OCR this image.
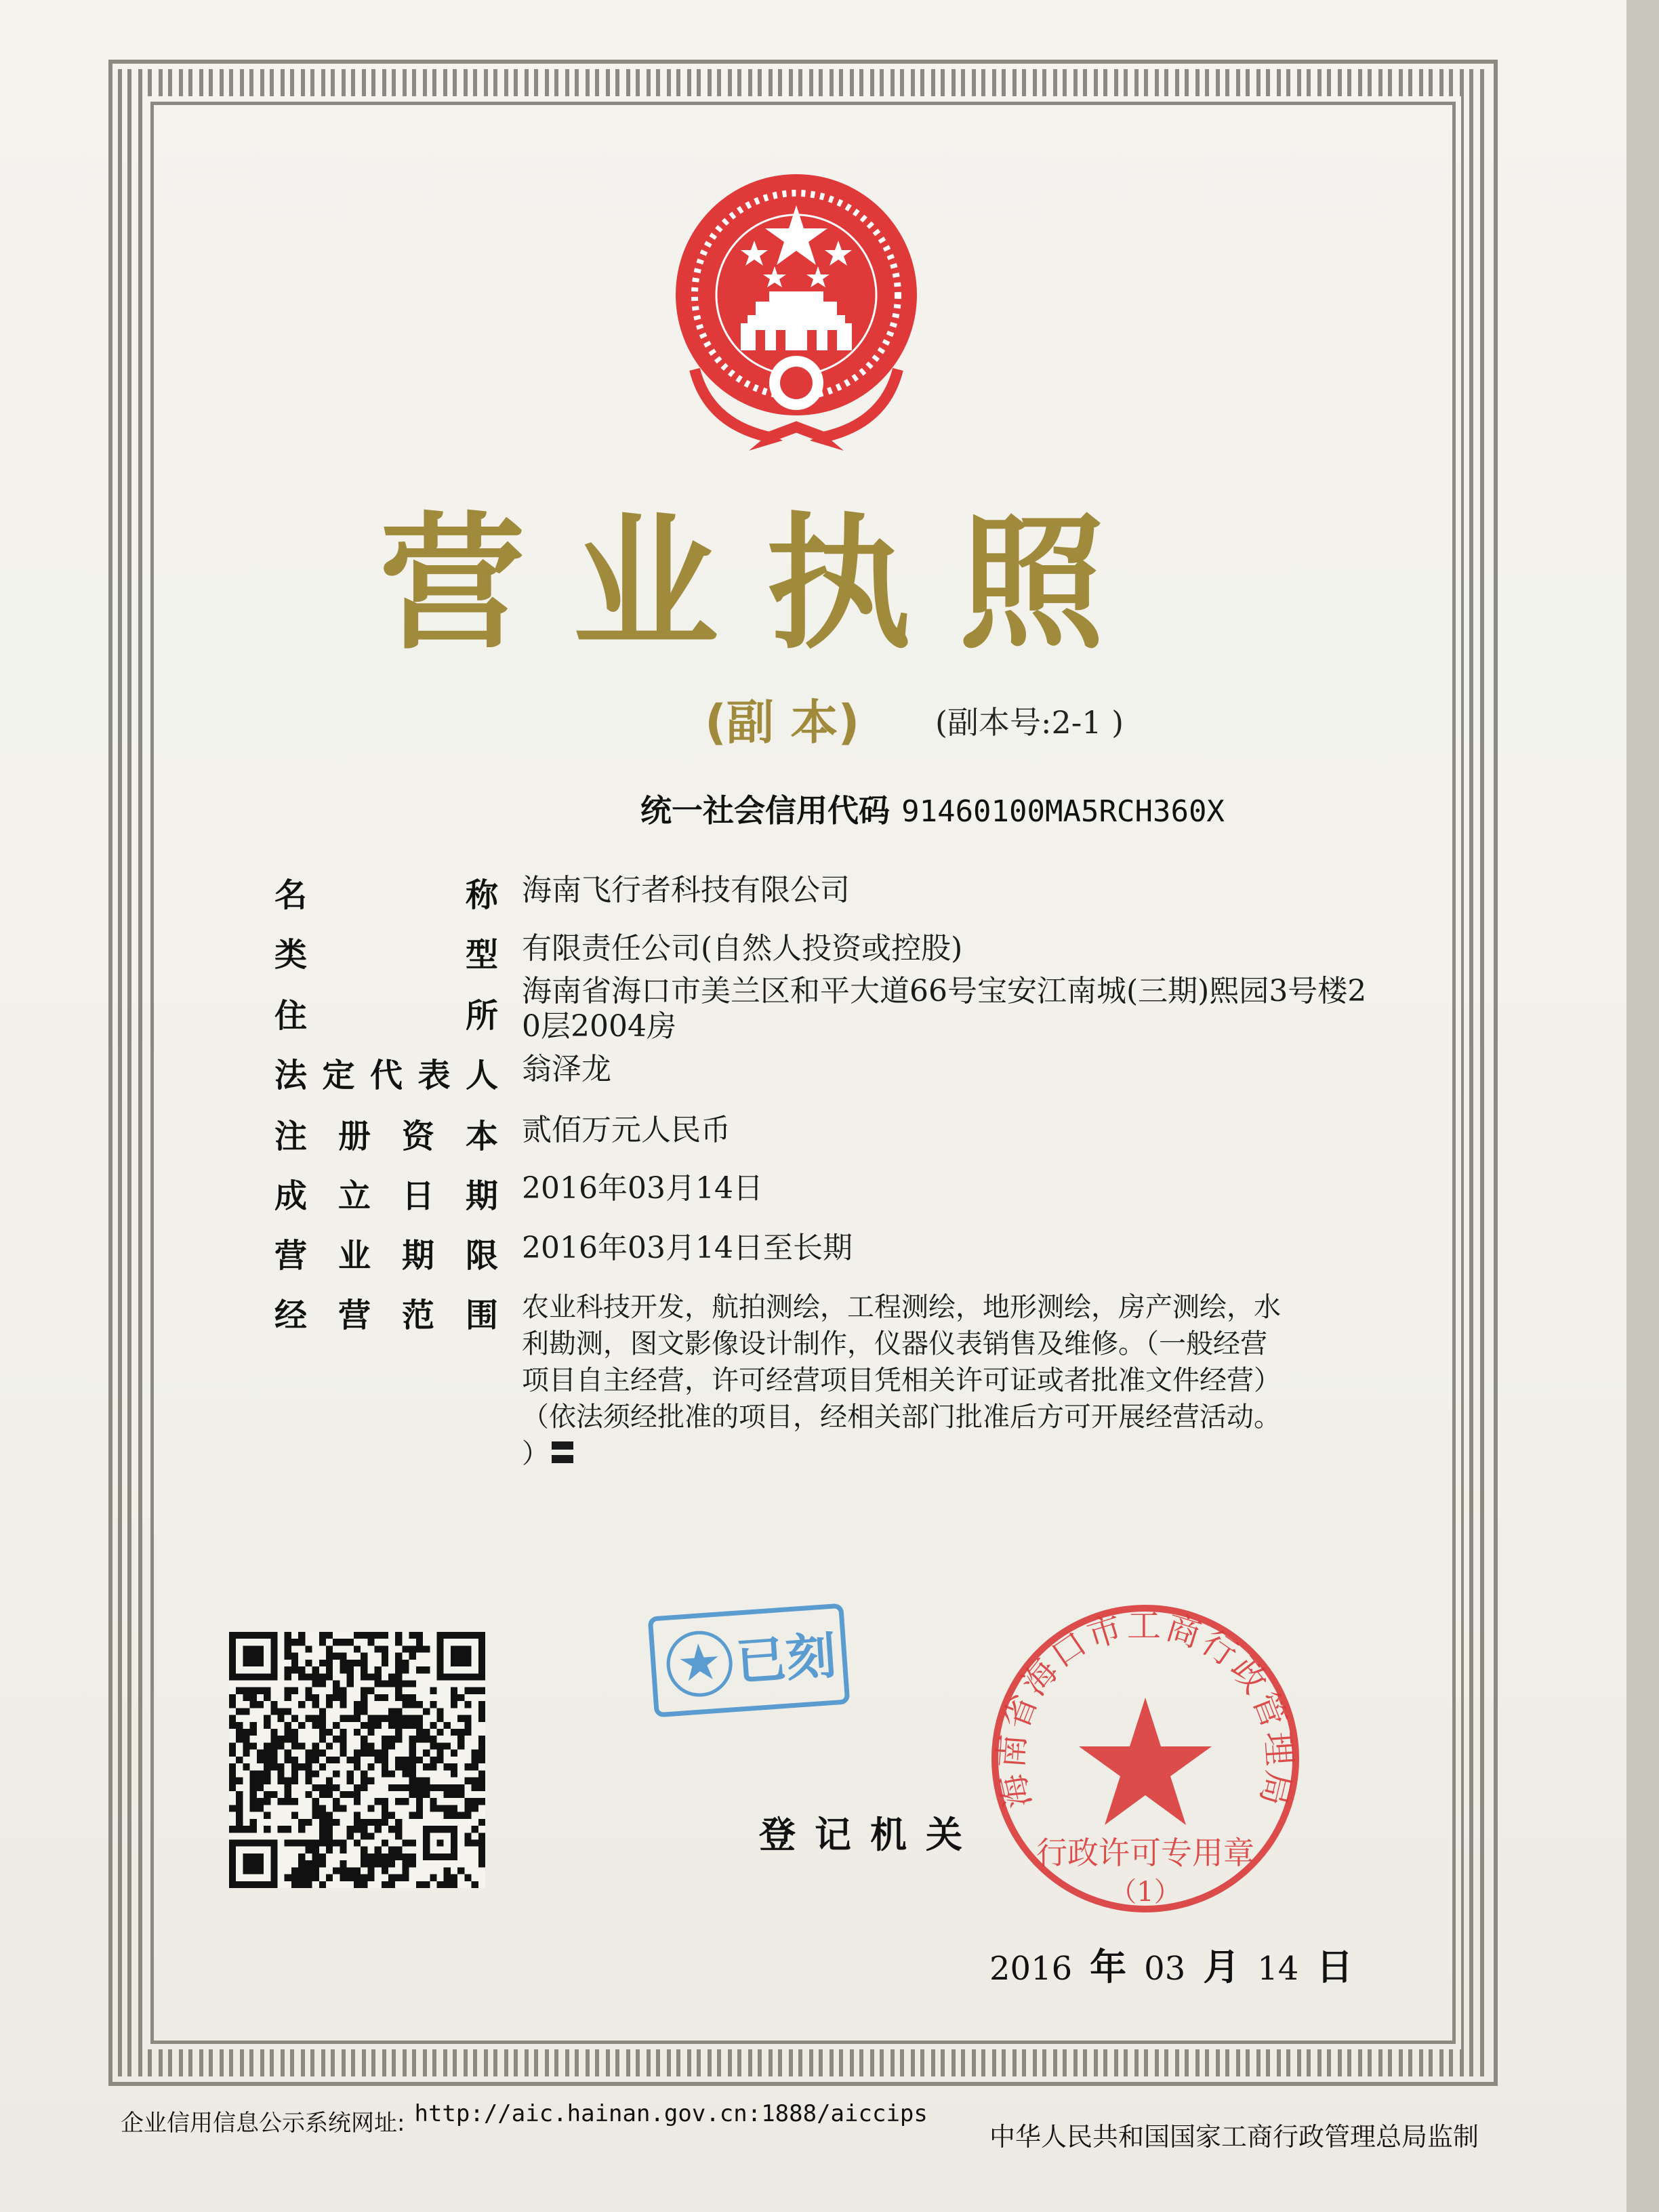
营业执照
(副 本) (副本号:2-1 )
统一社会信用代码 91460100MA5RCH360X
名	称 海南飞行者科技有限公司
类	型 有限责任公司(自然人投资或控股)
住	所
海南省海口市美兰区和平大道66号宝安江南城(三期)熙园3号楼2
0层2004房
法 定 代 表 人 翁泽龙
注 册 资 本 贰佰万元人民币
成 立 日 期 2016年03月14日
营 业 期 限 2016年03月14日至长期
经 营 范 围 农业科技开发，航拍测绘，工程测绘，地形测绘，房产测绘，水
利勘测，图文影像设计制作，仪器仪表销售及维修。（一般经营
项目自主经营，许可经营项目凭相关许可证或者批准文件经营）
（依法须经批准的项目，经相关部门批准后方可开展经营活动。
）〓
已刻
登记机关
海南省海口市工商行政管理局
行政许可专用章
（1）
2016 年 03 月 14 日
企业信用信息公示系统网址: http://aic.hainan.gov.cn:1888/aiccips
中华人民共和国国家工商行政管理总局监制
